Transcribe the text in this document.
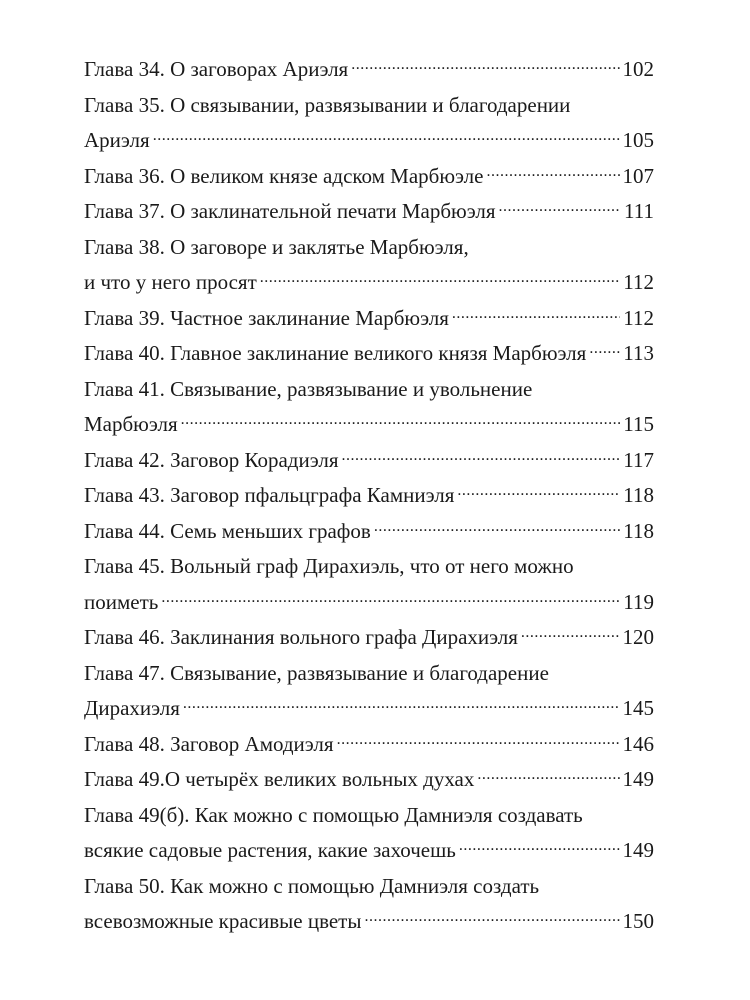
Глава 34. О заговорах Ариэля .....	102
Глава 35. О связывании, развязывании и благодарении
Ариэля .....	105
Глава 36. О великом князе адском Марбюэле .....	107
Глава 37. О заклинательной печати Марбюэля .....	111
Глава 38. О заговоре и заклятье Марбюэля,
и что у него просят .....	112
Глава 39. Частное заклинание Марбюэля .....	112
Глава 40. Главное заклинание великого князя Марбюэля ..... 113
Глава 41. Связывание, развязывание и увольнение
Марбюэля .....	115
Глава 42. Заговор Корадиэля .....	117
Глава 43. Заговор пфальцграфа Камниэля .....	118
Глава 44. Семь меньших графов .....	118
Глава 45. Вольный граф Дирахиэль, что от него можно
поиметь .....	119
Глава 46. Заклинания вольного графа Дирахиэля .....	120
Глава 47. Связывание, развязывание и благодарение
Дирахиэля .....	145
Глава 48. Заговор Амодиэля .....	146
Глава 49.О четырёх великих вольных духах .....	149
Глава 49(б). Как можно с помощью Дамниэля создавать
всякие садовые растения, какие захочешь .....	149
Глава 50. Как можно с помощью Дамниэля создать
всевозможные красивые цветы .....	150
